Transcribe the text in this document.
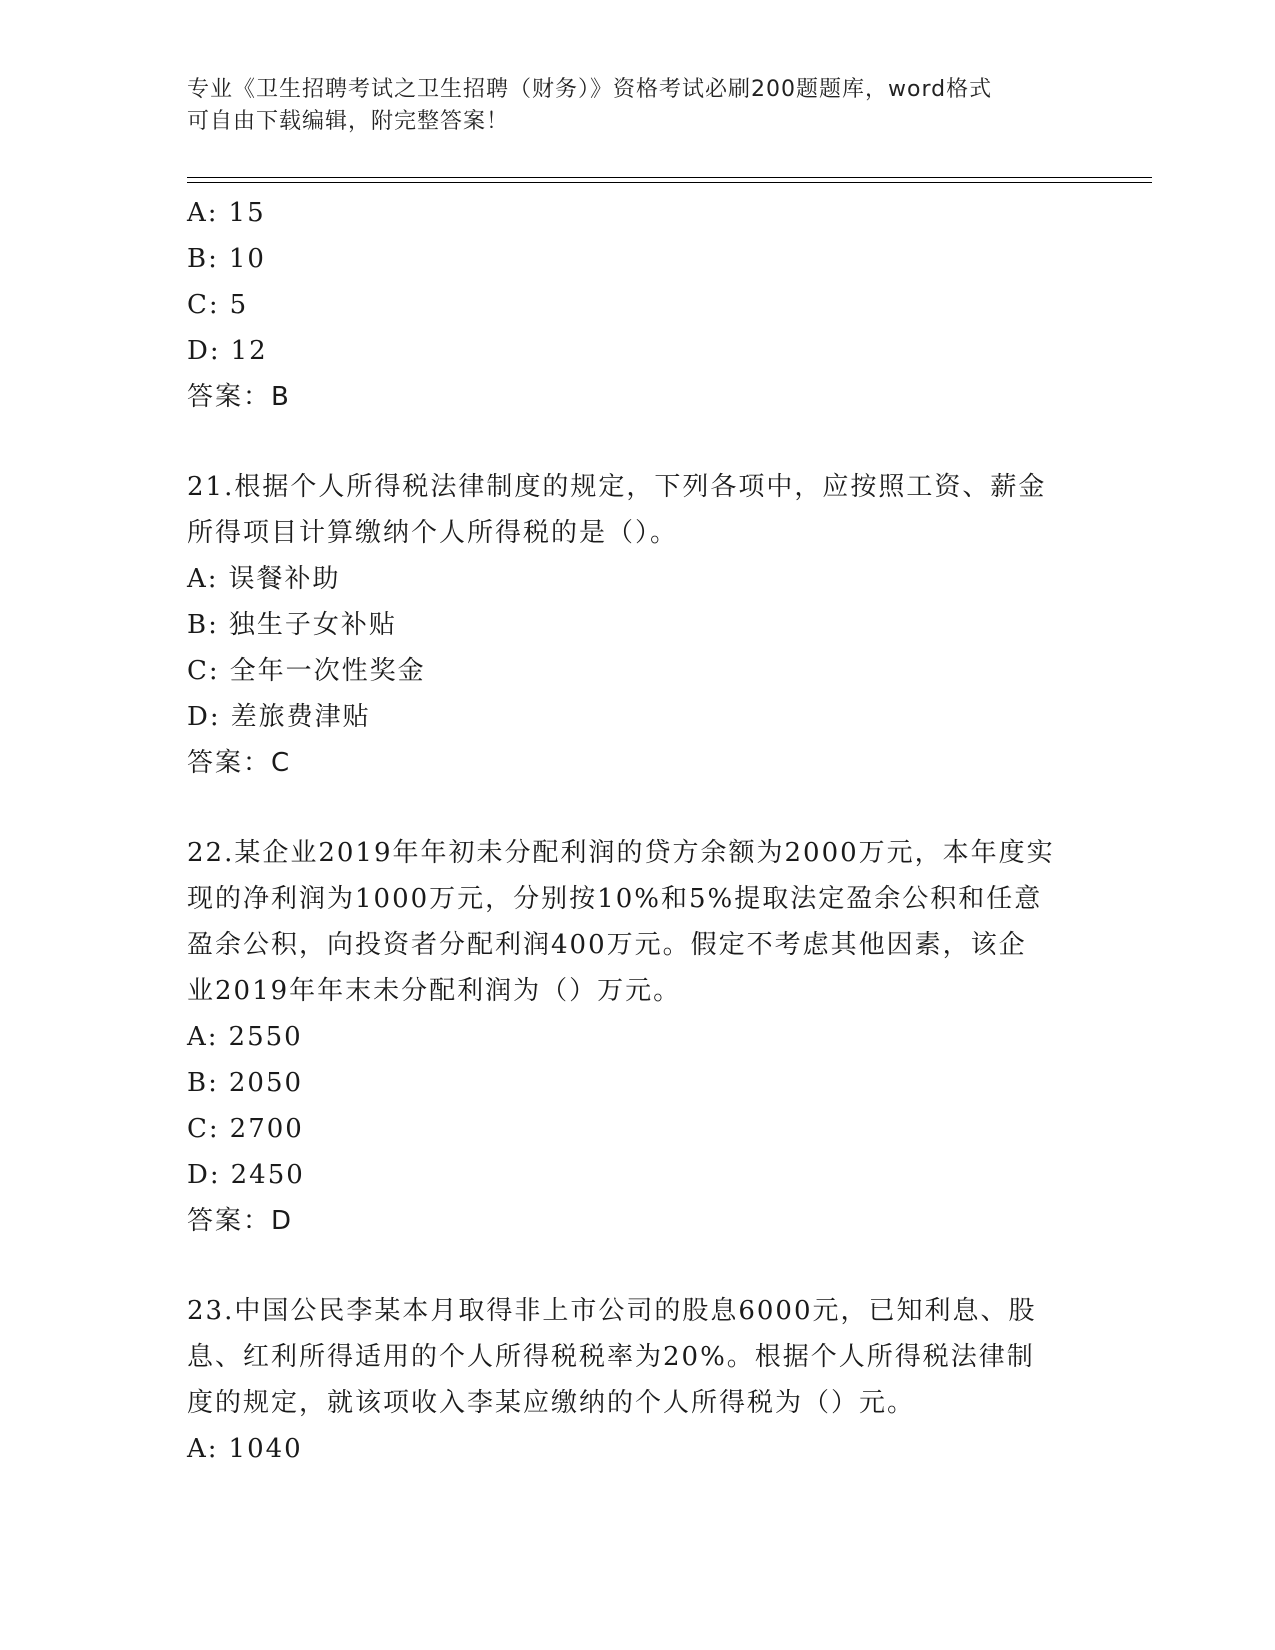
专业《卫生招聘考试之卫生招聘（财务）》资格考试必刷200题题库，word格式
可自由下载编辑，附完整答案！
A: 15
B: 10
C: 5
D: 12
答案：B
21.根据个人所得税法律制度的规定，下列各项中，应按照工资、薪金
所得项目计算缴纳个人所得税的是（）。
A: 误餐补助
B: 独生子女补贴
C: 全年一次性奖金
D: 差旅费津贴
答案：C
22.某企业2019年年初未分配利润的贷方余额为2000万元，本年度实
现的净利润为1000万元，分别按10%和5%提取法定盈余公积和任意
盈余公积，向投资者分配利润400万元。假定不考虑其他因素，该企
业2019年年末未分配利润为（）万元。
A: 2550
B: 2050
C: 2700
D: 2450
答案：D
23.中国公民李某本月取得非上市公司的股息6000元，已知利息、股
息、红利所得适用的个人所得税税率为20%。根据个人所得税法律制
度的规定，就该项收入李某应缴纳的个人所得税为（）元。
A: 1040
